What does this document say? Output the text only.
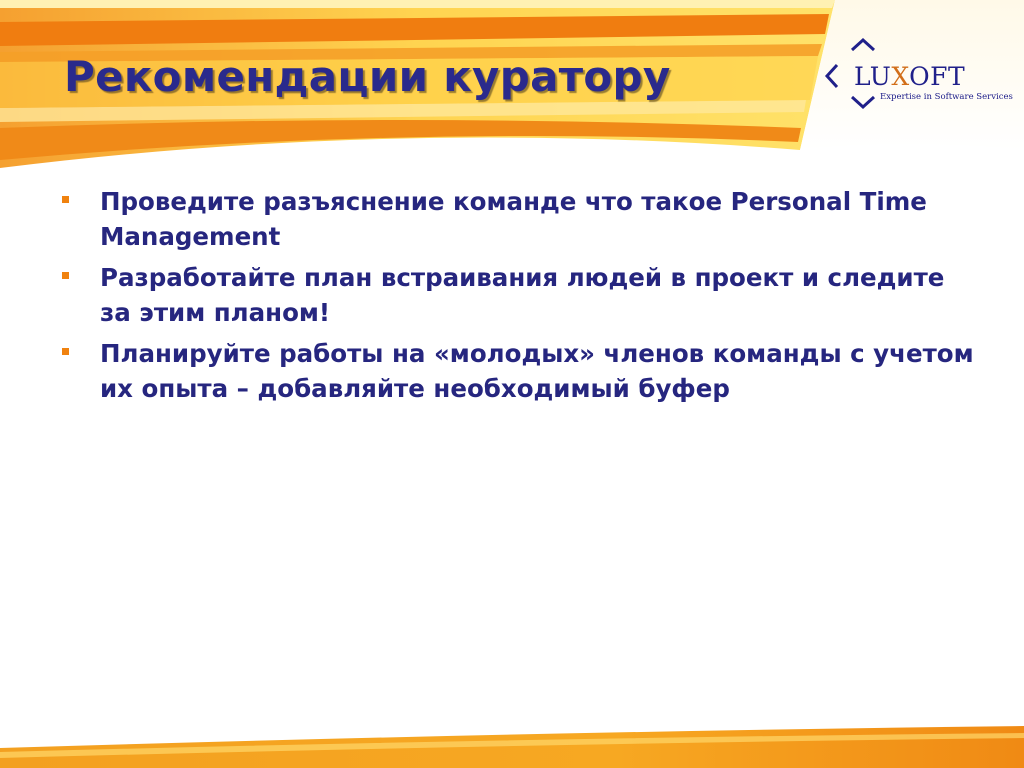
Рекомендации куратору	LUXOFT
Expertise in Software Services
Проведите разъяснение команде что такое Personal Time Management
Разработайте план встраивания людей в проект и следите за этим планом!
Планируйте работы на «молодых» членов команды с учетом их опыта – добавляйте необходимый буфер
